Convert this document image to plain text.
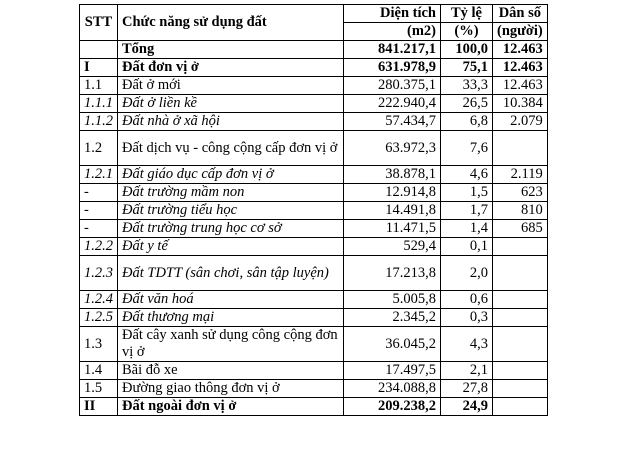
STT	Chức năng sử dụng đất	Diện tích	Tỷ lệ	Dân số
		(m2)	(%)	(người)
	Tổng	841.217,1	100,0	12.463
I	Đất đơn vị ở	631.978,9	75,1	12.463
1.1	Đất ở mới	280.375,1	33,3	12.463
1.1.1	Đất ở liền kề	222.940,4	26,5	10.384
1.1.2	Đất nhà ở xã hội	57.434,7	6,8	2.079
1.2	Đất dịch vụ - công cộng cấp đơn vị ở	63.972,3	7,6	
1.2.1	Đất giáo dục cấp đơn vị ở	38.878,1	4,6	2.119
-	Đất trường mầm non	12.914,8	1,5	623
-	Đất trường tiểu học	14.491,8	1,7	810
-	Đất trường trung học cơ sở	11.471,5	1,4	685
1.2.2	Đất y tế	529,4	0,1	
1.2.3	Đất TDTT (sân chơi, sân tập luyện)	17.213,8	2,0	
1.2.4	Đất văn hoá	5.005,8	0,6	
1.2.5	Đất thương mại	2.345,2	0,3	
1.3	Đất cây xanh sử dụng công cộng đơn vị ở	36.045,2	4,3	
1.4	Bãi đỗ xe	17.497,5	2,1	
1.5	Đường giao thông đơn vị ở	234.088,8	27,8	
II	Đất ngoài đơn vị ở	209.238,2	24,9	
